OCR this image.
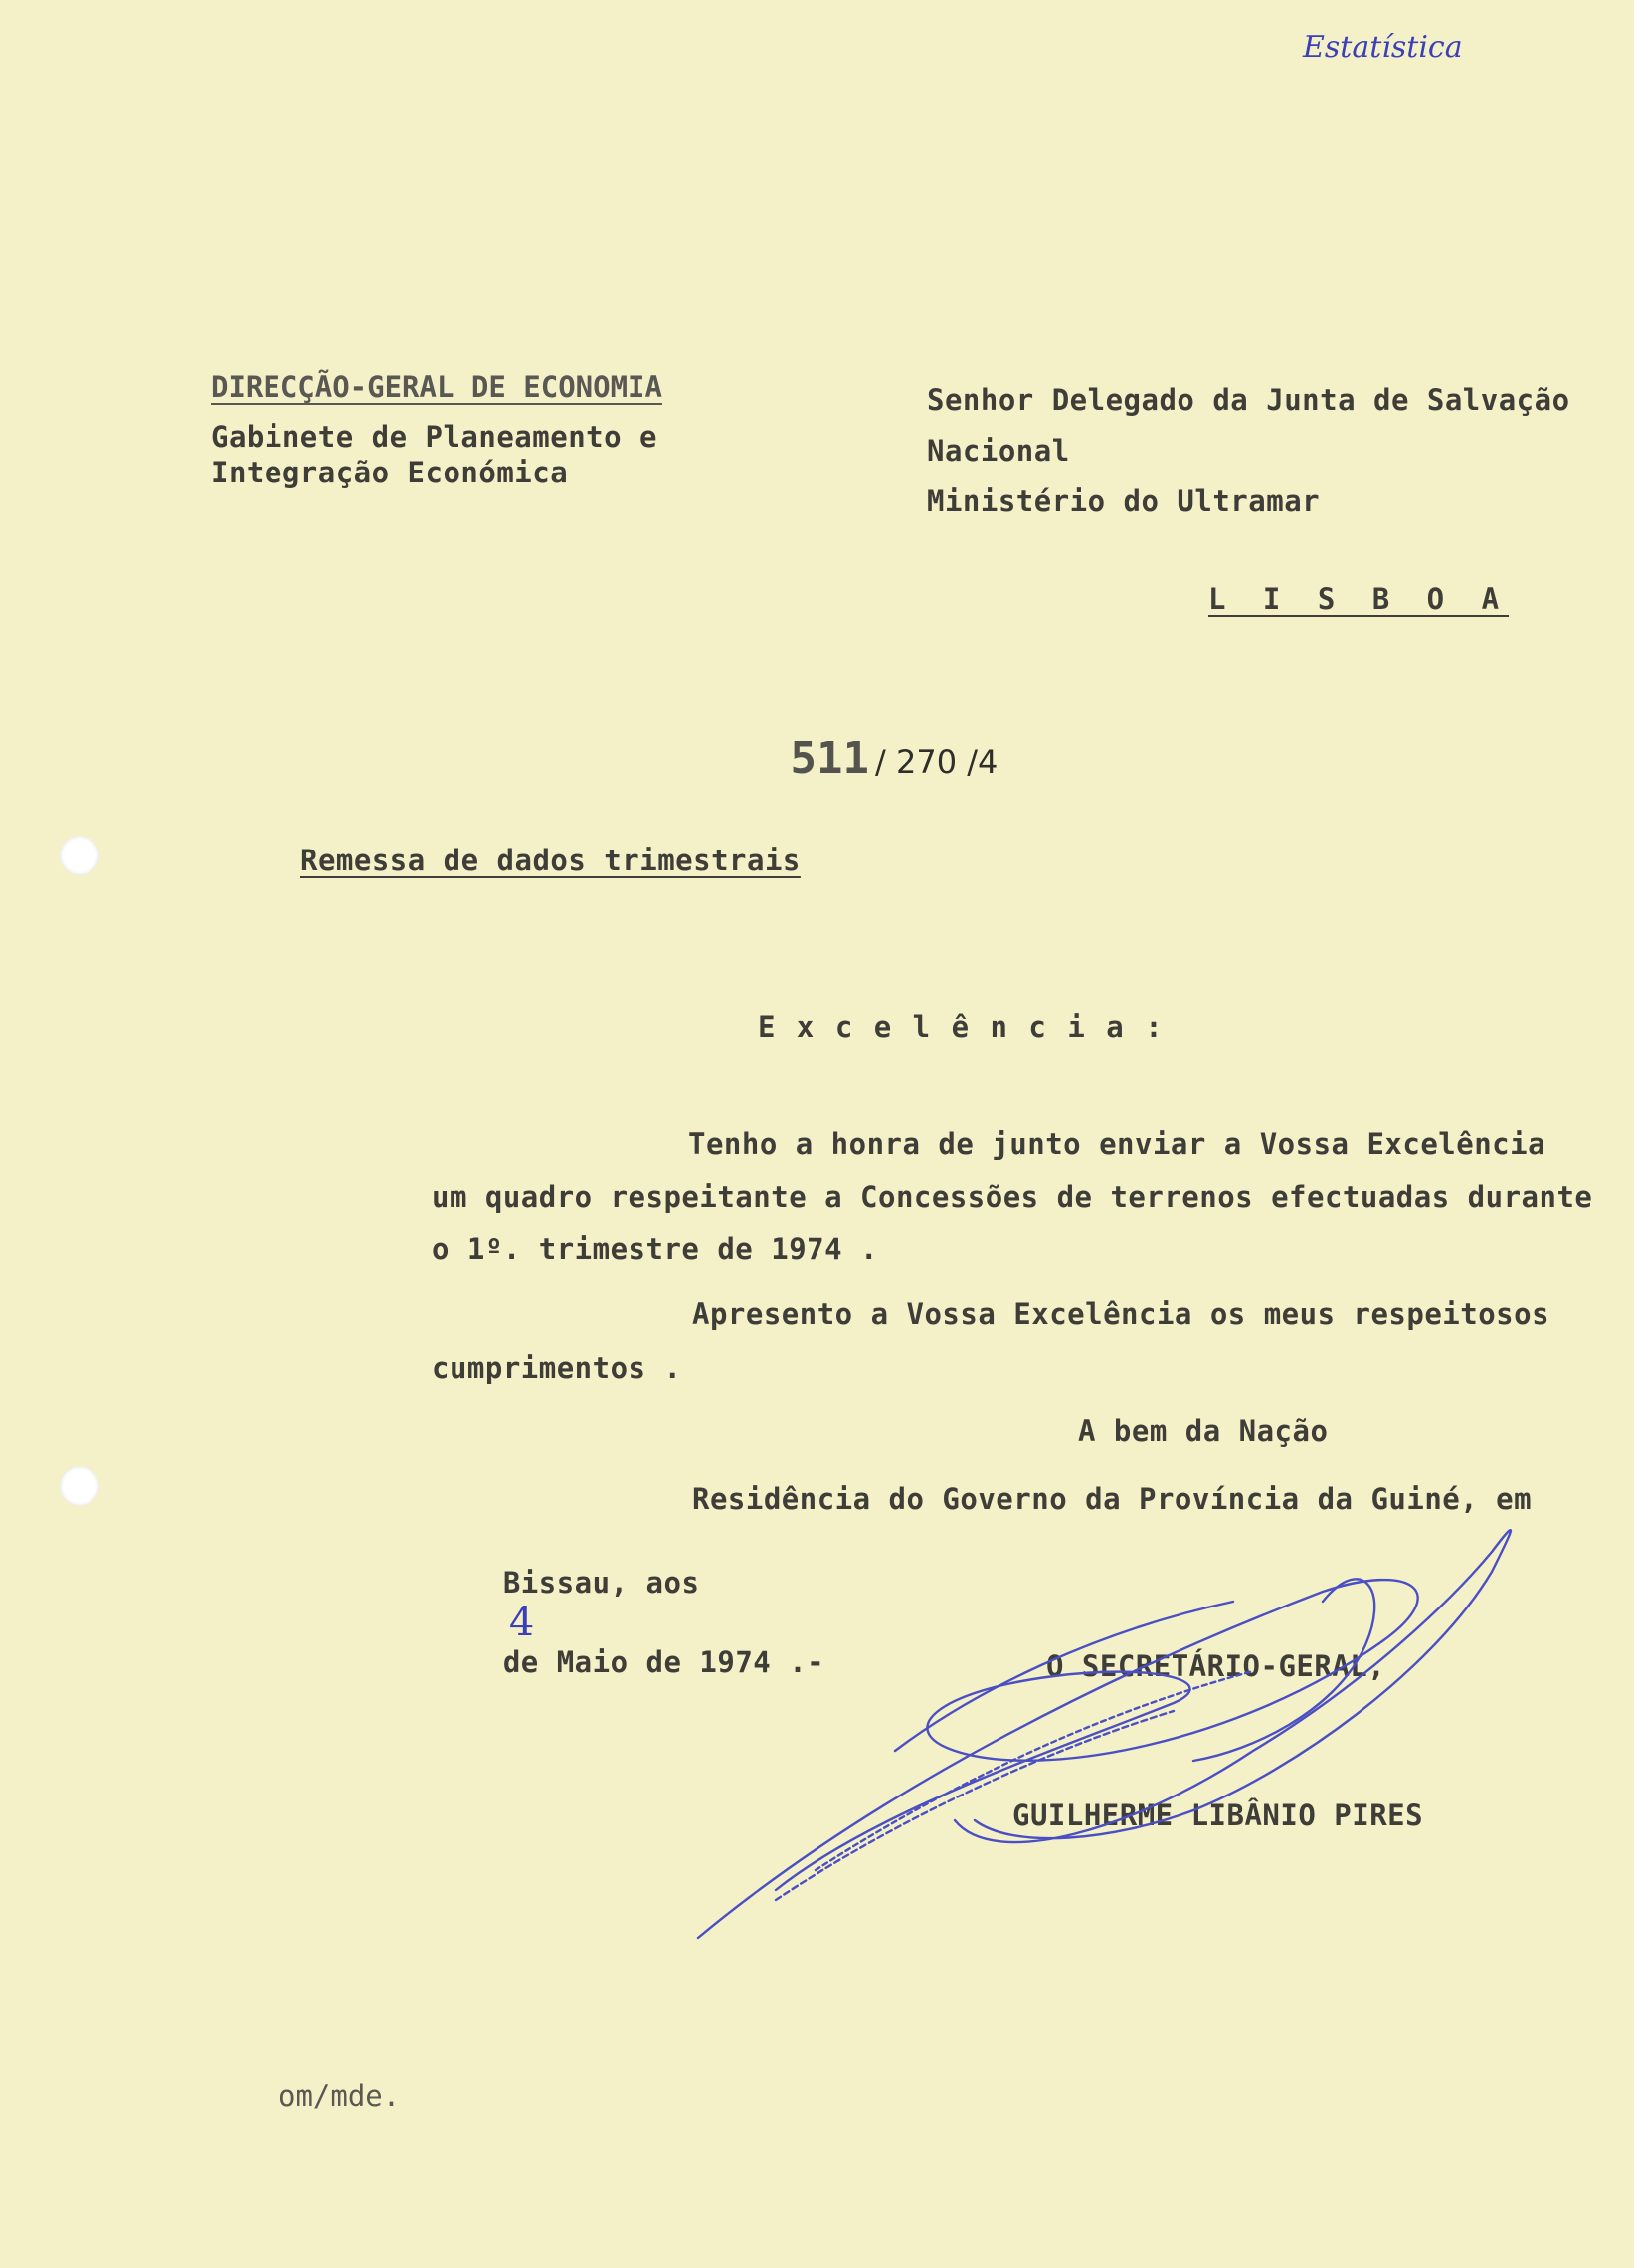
Estatística
DIRECÇÃO-GERAL DE ECONOMIA
Gabinete de Planeamento e
Integração Económica
Senhor Delegado da Junta de Salvação
Nacional
Ministério do Ultramar
L I S B O A

511 / 270 /4

Remessa de dados trimestrais
E x c e l ê n c i a :
Tenho a honra de junto enviar a Vossa Excelência
um quadro respeitante a Concessões de terrenos efectuadas durante
o 1º. trimestre de 1974 .
Apresento a Vossa Excelência os meus respeitosos
cumprimentos .
A bem da Nação
Residência do Governo da Província da Guiné, em

Bissau, aos
4
de Maio de 1974 .-
	O SECRETÁRIO-GERAL,
GUILHERME LIBÂNIO PIRES
om/mde.
